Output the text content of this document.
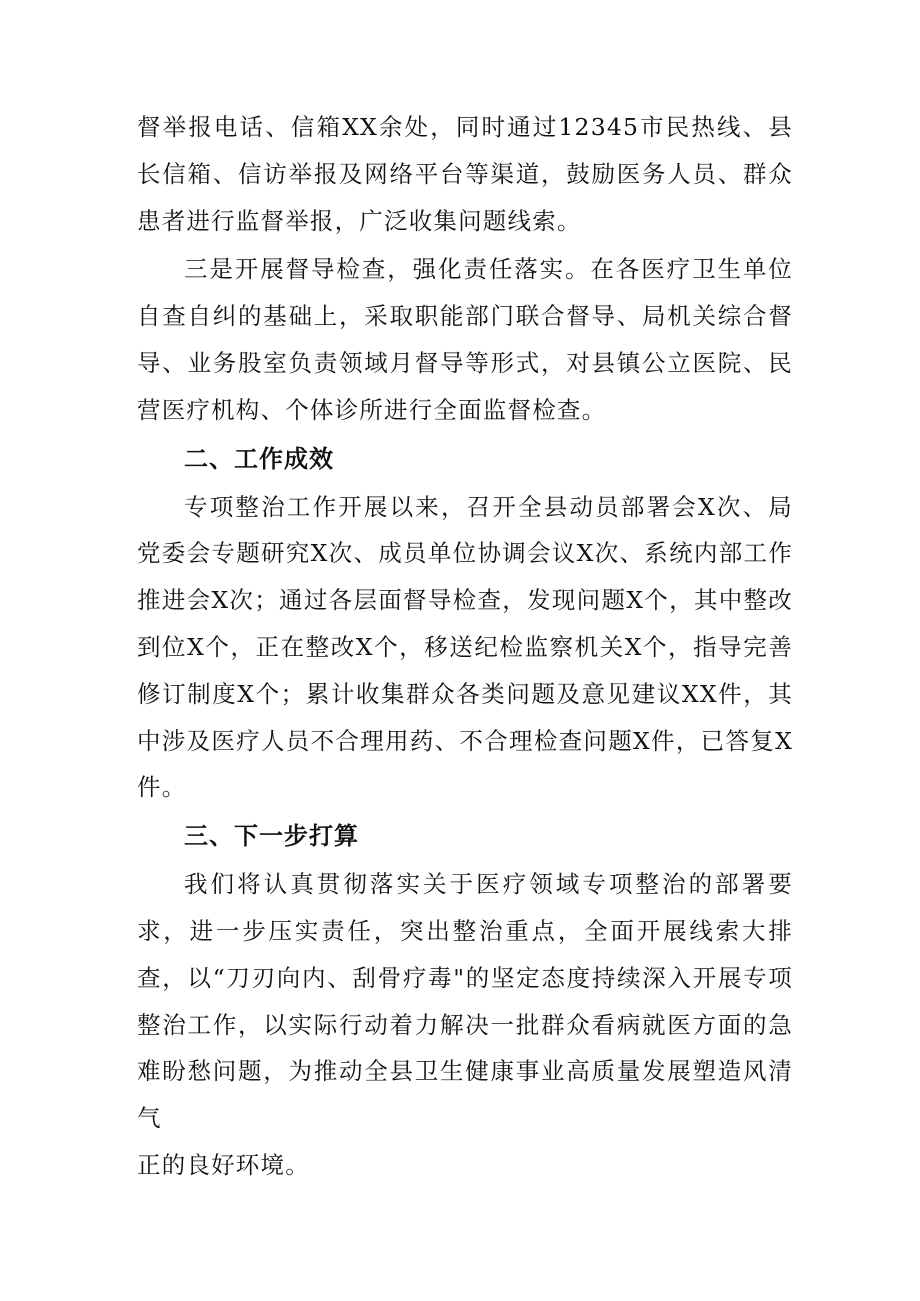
督举报电话、信箱XX余处，同时通过12345市民热线、县长信箱、信访举报及网络平台等渠道，鼓励医务人员、群众患者进行监督举报，广泛收集问题线索。

三是开展督导检查，强化责任落实。在各医疗卫生单位自查自纠的基础上，采取职能部门联合督导、局机关综合督导、业务股室负责领域月督导等形式，对县镇公立医院、民营医疗机构、个体诊所进行全面监督检查。

二、工作成效

专项整治工作开展以来，召开全县动员部署会X次、局党委会专题研究X次、成员单位协调会议X次、系统内部工作推进会X次；通过各层面督导检查，发现问题X个，其中整改到位X个，正在整改X个，移送纪检监察机关X个，指导完善修订制度X个；累计收集群众各类问题及意见建议XX件，其中涉及医疗人员不合理用药、不合理检查问题X件，已答复X件。

三、下一步打算

我们将认真贯彻落实关于医疗领域专项整治的部署要求，进一步压实责任，突出整治重点，全面开展线索大排查，以“刀刃向内、刮骨疗毒"的坚定态度持续深入开展专项整治工作，以实际行动着力解决一批群众看病就医方面的急难盼愁问题，为推动全县卫生健康事业高质量发展塑造风清气

正的良好环境。
